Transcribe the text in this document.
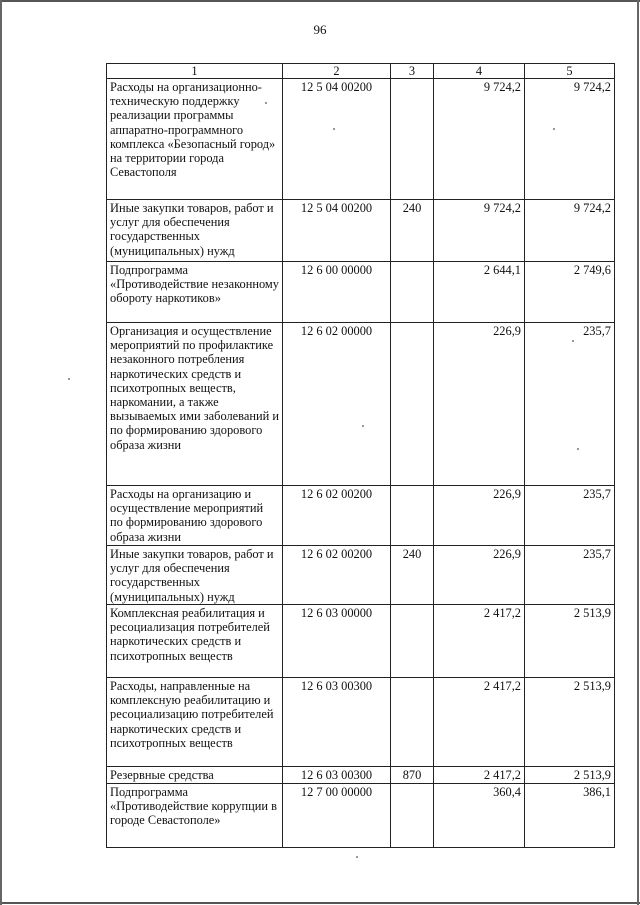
96
1	2	3	4	5
Расходы на организационно-техническую поддержку реализации программы аппаратно-программного комплекса «Безопасный город» на территории города Севастополя	12 5 04 00200		9 724,2	9 724,2
Иные закупки товаров, работ и услуг для обеспечения государственных (муниципальных) нужд	12 5 04 00200	240	9 724,2	9 724,2
Подпрограмма «Противодействие незаконному обороту наркотиков»	12 6 00 00000		2 644,1	2 749,6
Организация и осуществление мероприятий по профилактике незаконного потребления наркотических средств и психотропных веществ, наркомании, а также вызываемых ими заболеваний и по формированию здорового образа жизни	12 6 02 00000		226,9	235,7
Расходы на организацию и осуществление мероприятий по формированию здорового образа жизни	12 6 02 00200		226,9	235,7
Иные закупки товаров, работ и услуг для обеспечения государственных (муниципальных) нужд	12 6 02 00200	240	226,9	235,7
Комплексная реабилитация и ресоциализация потребителей наркотических средств и психотропных веществ	12 6 03 00000		2 417,2	2 513,9
Расходы, направленные на комплексную реабилитацию и ресоциализацию потребителей наркотических средств и психотропных веществ	12 6 03 00300		2 417,2	2 513,9
Резервные средства	12 6 03 00300	870	2 417,2	2 513,9
Подпрограмма «Противодействие коррупции в городе Севастополе»	12 7 00 00000		360,4	386,1
